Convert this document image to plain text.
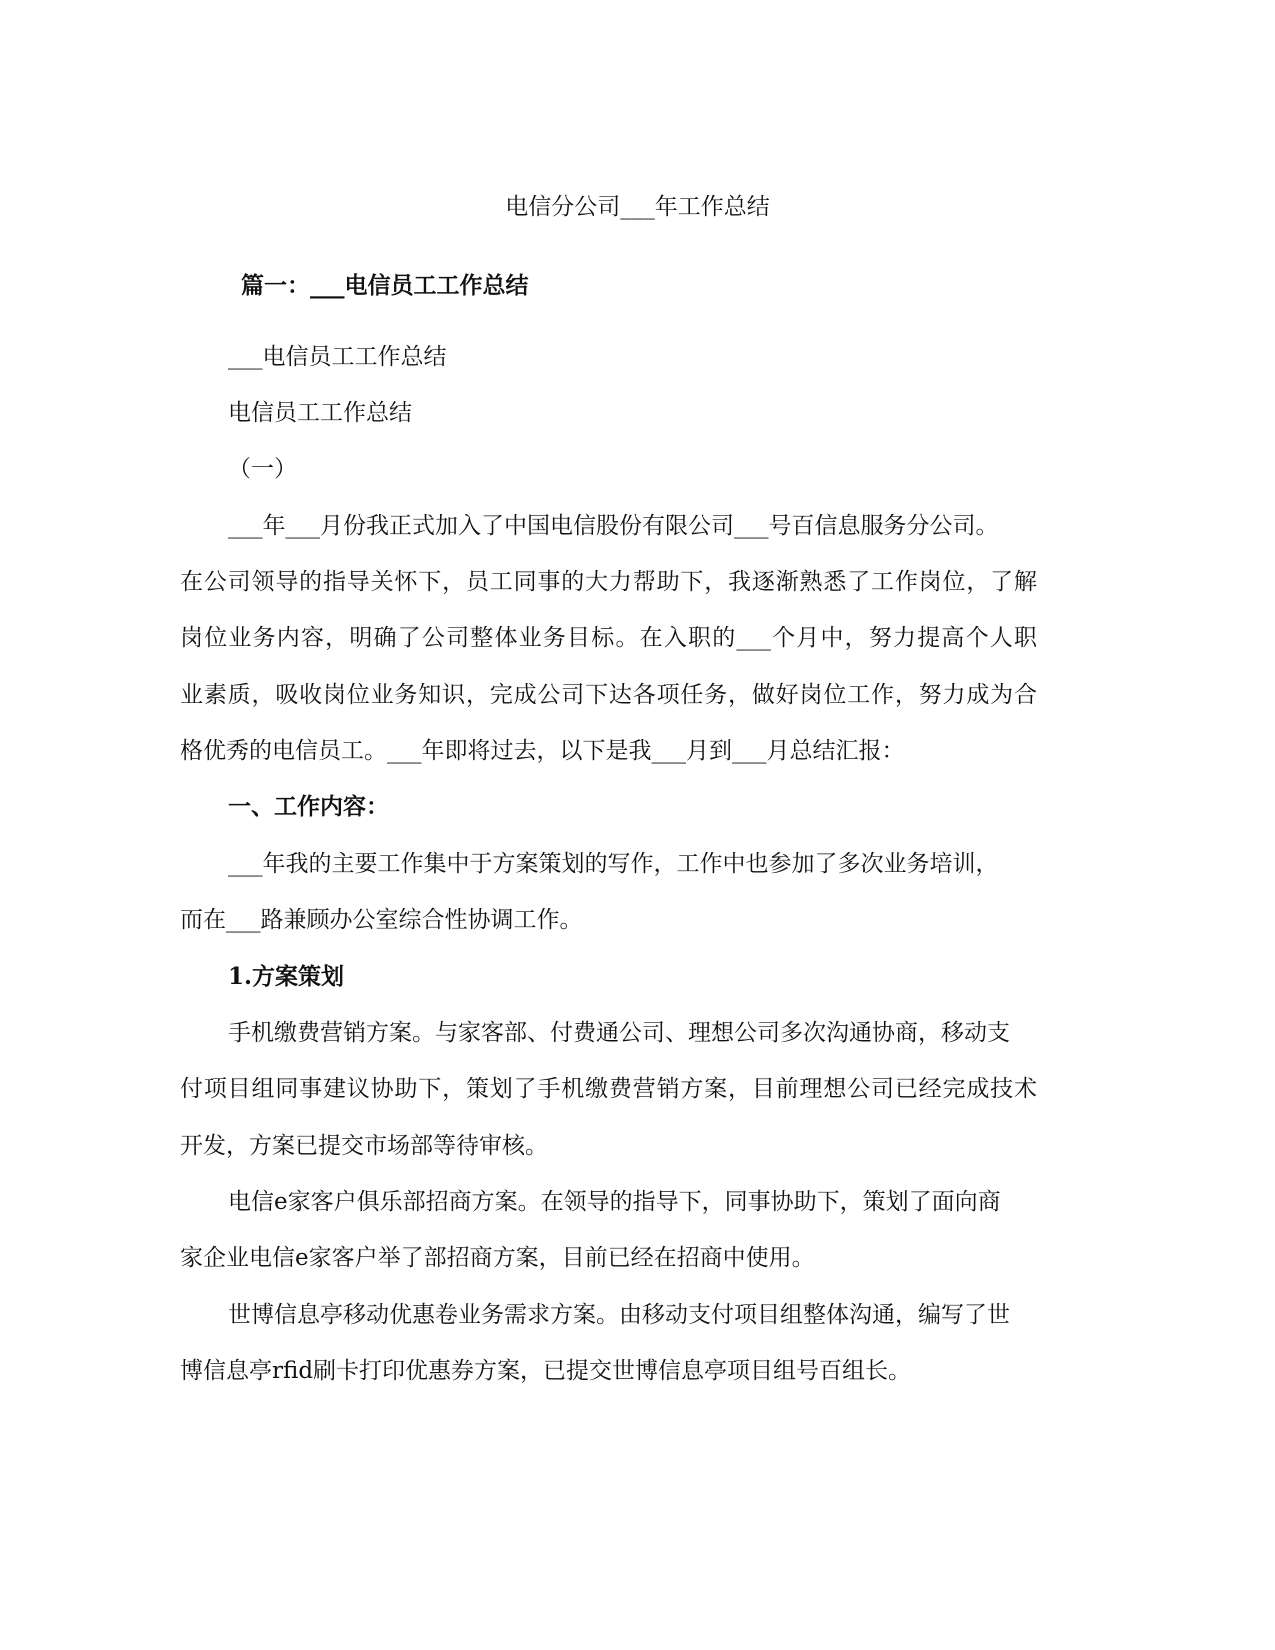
电信分公司___年工作总结

篇一：___电信员工工作总结

___电信员工工作总结

电信员工工作总结

（一）

___年___月份我正式加入了中国电信股份有限公司___号百信息服务分公司。

在公司领导的指导关怀下，员工同事的大力帮助下，我逐渐熟悉了工作岗位，了解

岗位业务内容，明确了公司整体业务目标。在入职的___个月中，努力提高个人职

业素质，吸收岗位业务知识，完成公司下达各项任务，做好岗位工作，努力成为合

格优秀的电信员工。___年即将过去，以下是我___月到___月总结汇报：

一、工作内容：

___年我的主要工作集中于方案策划的写作，工作中也参加了多次业务培训，

而在___路兼顾办公室综合性协调工作。

1.方案策划

手机缴费营销方案。与家客部、付费通公司、理想公司多次沟通协商，移动支

付项目组同事建议协助下，策划了手机缴费营销方案，目前理想公司已经完成技术

开发，方案已提交市场部等待审核。

电信e家客户俱乐部招商方案。在领导的指导下，同事协助下，策划了面向商

家企业电信e家客户举了部招商方案，目前已经在招商中使用。

世博信息亭移动优惠卷业务需求方案。由移动支付项目组整体沟通，编写了世

博信息亭rfid刷卡打印优惠券方案，已提交世博信息亭项目组号百组长。
